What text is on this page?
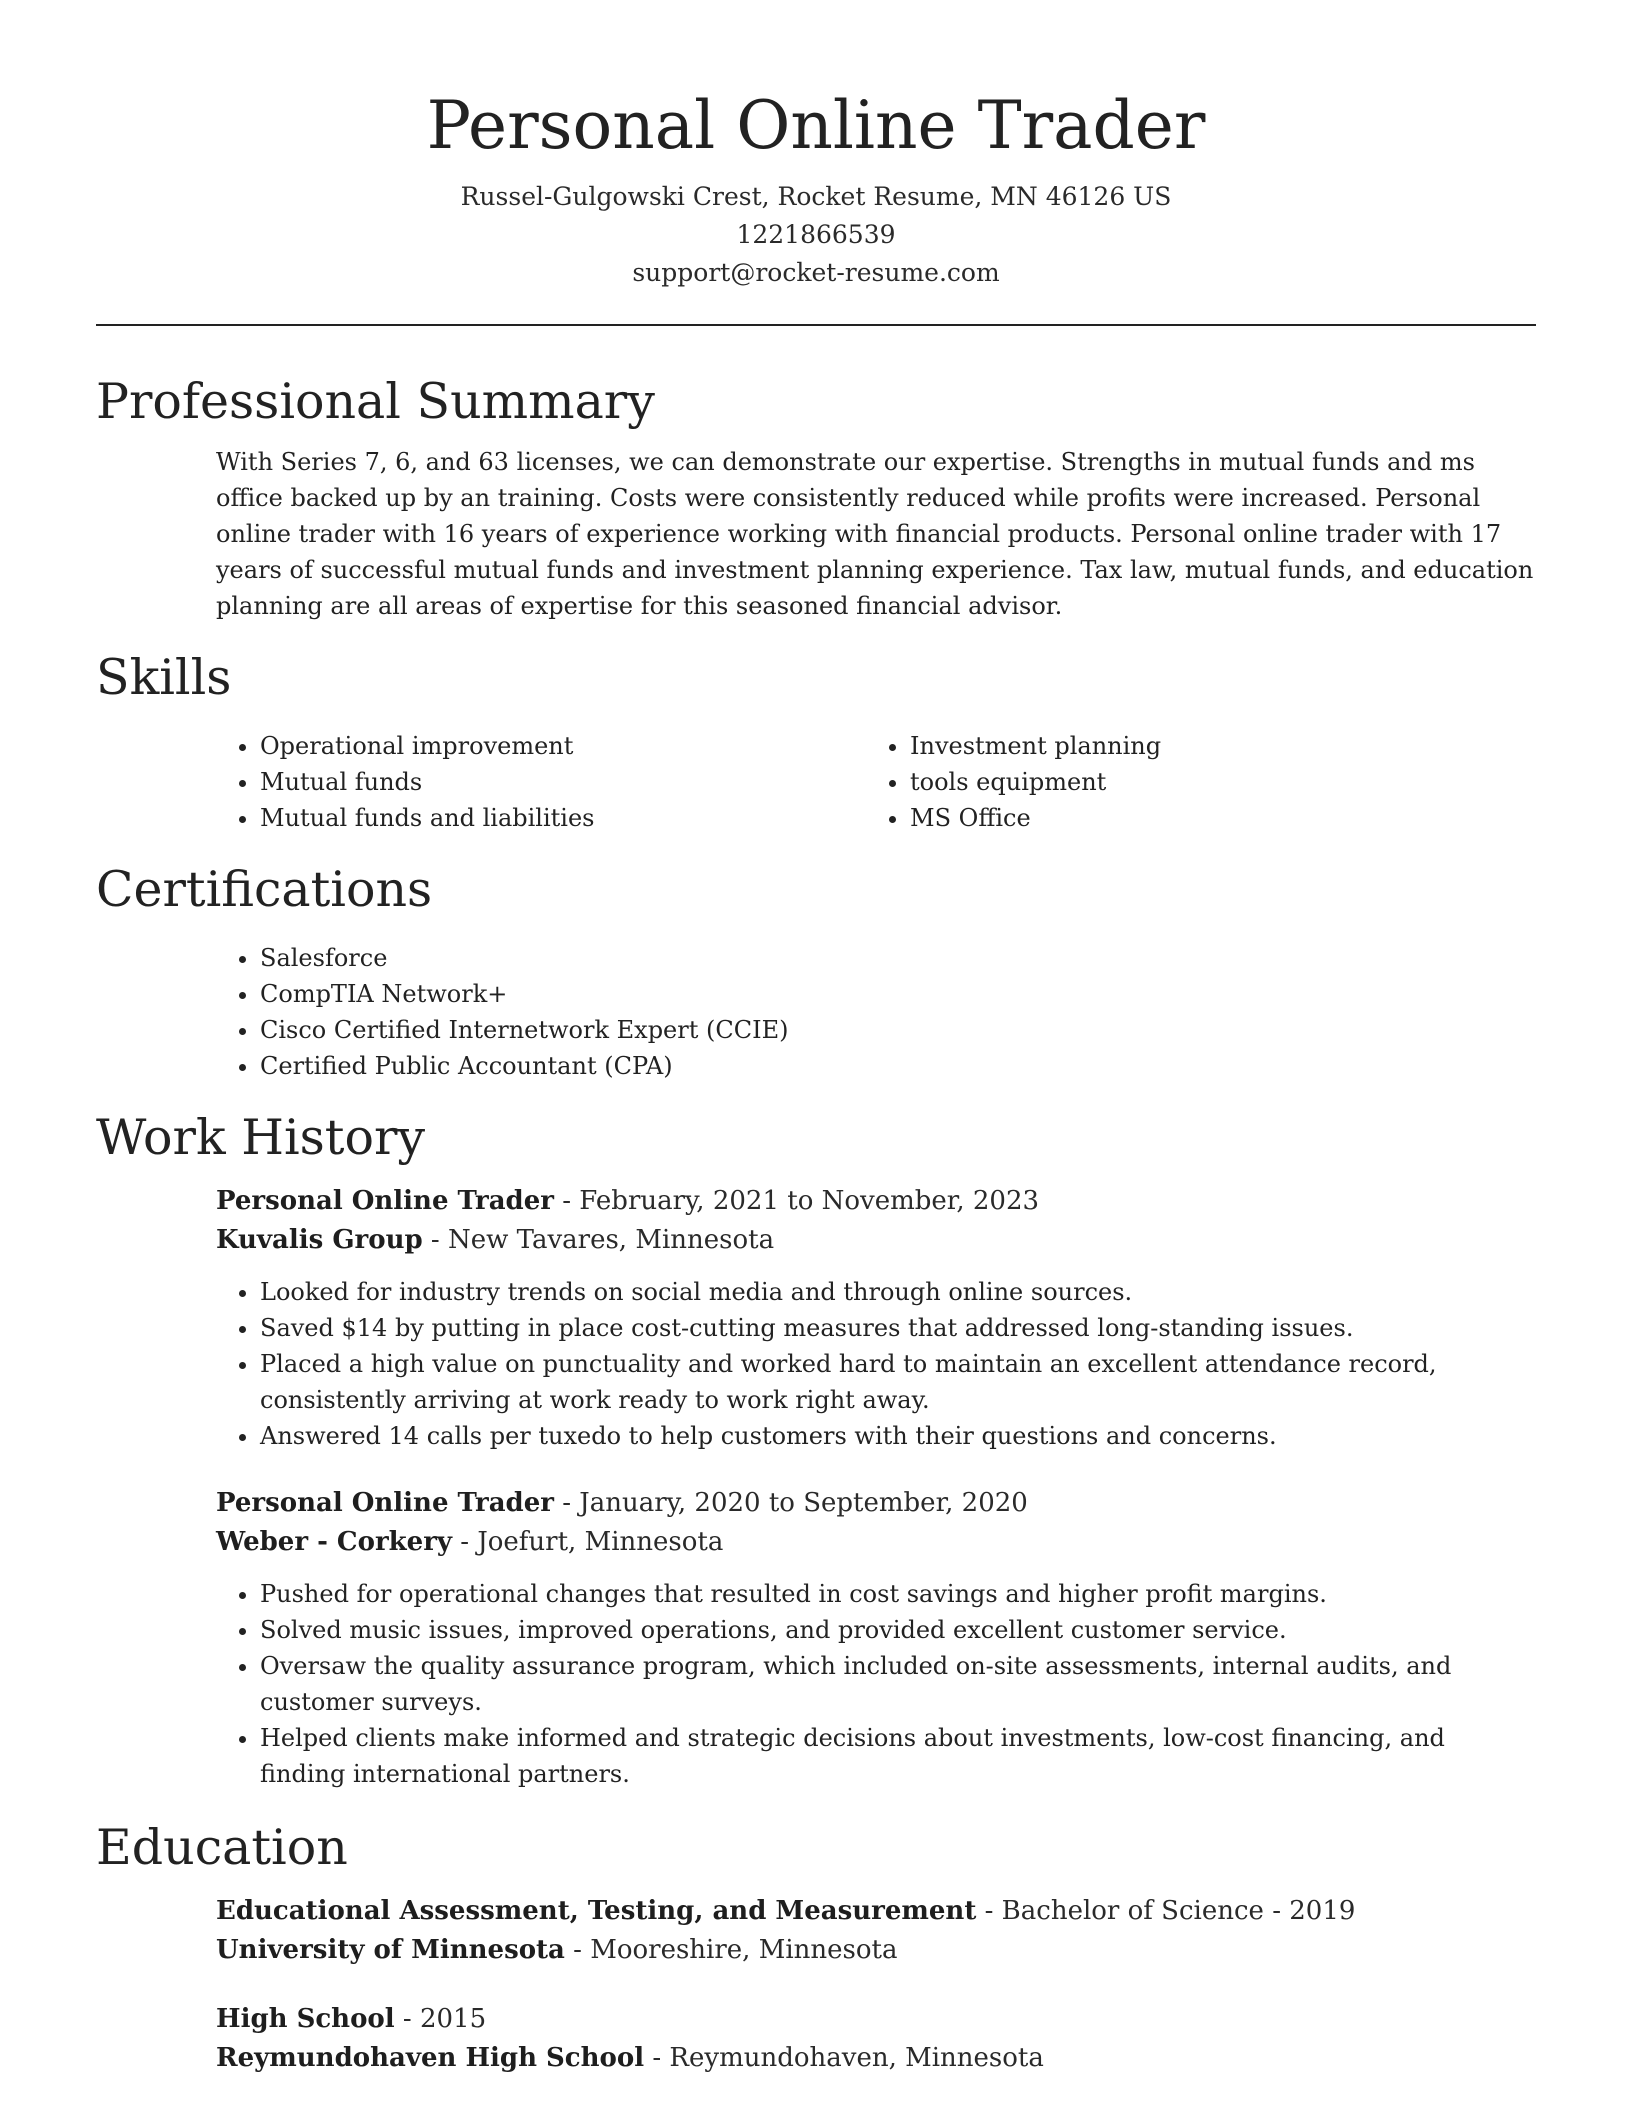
Personal Online Trader
Russel-Gulgowski Crest, Rocket Resume, MN 46126 US
1221866539
support@rocket-resume.com
Professional Summary

With Series 7, 6, and 63 licenses, we can demonstrate our expertise. Strengths in mutual funds and ms office backed up by an training. Costs were consistently reduced while profits were increased. Personal online trader with 16 years of experience working with financial products. Personal online trader with 17 years of successful mutual funds and investment planning experience. Tax law, mutual funds, and education planning are all areas of expertise for this seasoned financial advisor.

Skills
• Operational improvement
• Mutual funds
• Mutual funds and liabilities
• Investment planning
• tools equipment
• MS Office
Certifications
• Salesforce
• CompTIA Network+
• Cisco Certified Internetwork Expert (CCIE)
• Certified Public Accountant (CPA)
Work History
Personal Online Trader - February, 2021 to November, 2023
Kuvalis Group - New Tavares, Minnesota
• Looked for industry trends on social media and through online sources.
• Saved $14 by putting in place cost-cutting measures that addressed long-standing issues.
• Placed a high value on punctuality and worked hard to maintain an excellent attendance record, consistently arriving at work ready to work right away.
• Answered 14 calls per tuxedo to help customers with their questions and concerns.
Personal Online Trader - January, 2020 to September, 2020
Weber - Corkery - Joefurt, Minnesota
• Pushed for operational changes that resulted in cost savings and higher profit margins.
• Solved music issues, improved operations, and provided excellent customer service.
• Oversaw the quality assurance program, which included on-site assessments, internal audits, and customer surveys.
• Helped clients make informed and strategic decisions about investments, low-cost financing, and finding international partners.
Education
Educational Assessment, Testing, and Measurement - Bachelor of Science - 2019
University of Minnesota - Mooreshire, Minnesota
High School - 2015
Reymundohaven High School - Reymundohaven, Minnesota
